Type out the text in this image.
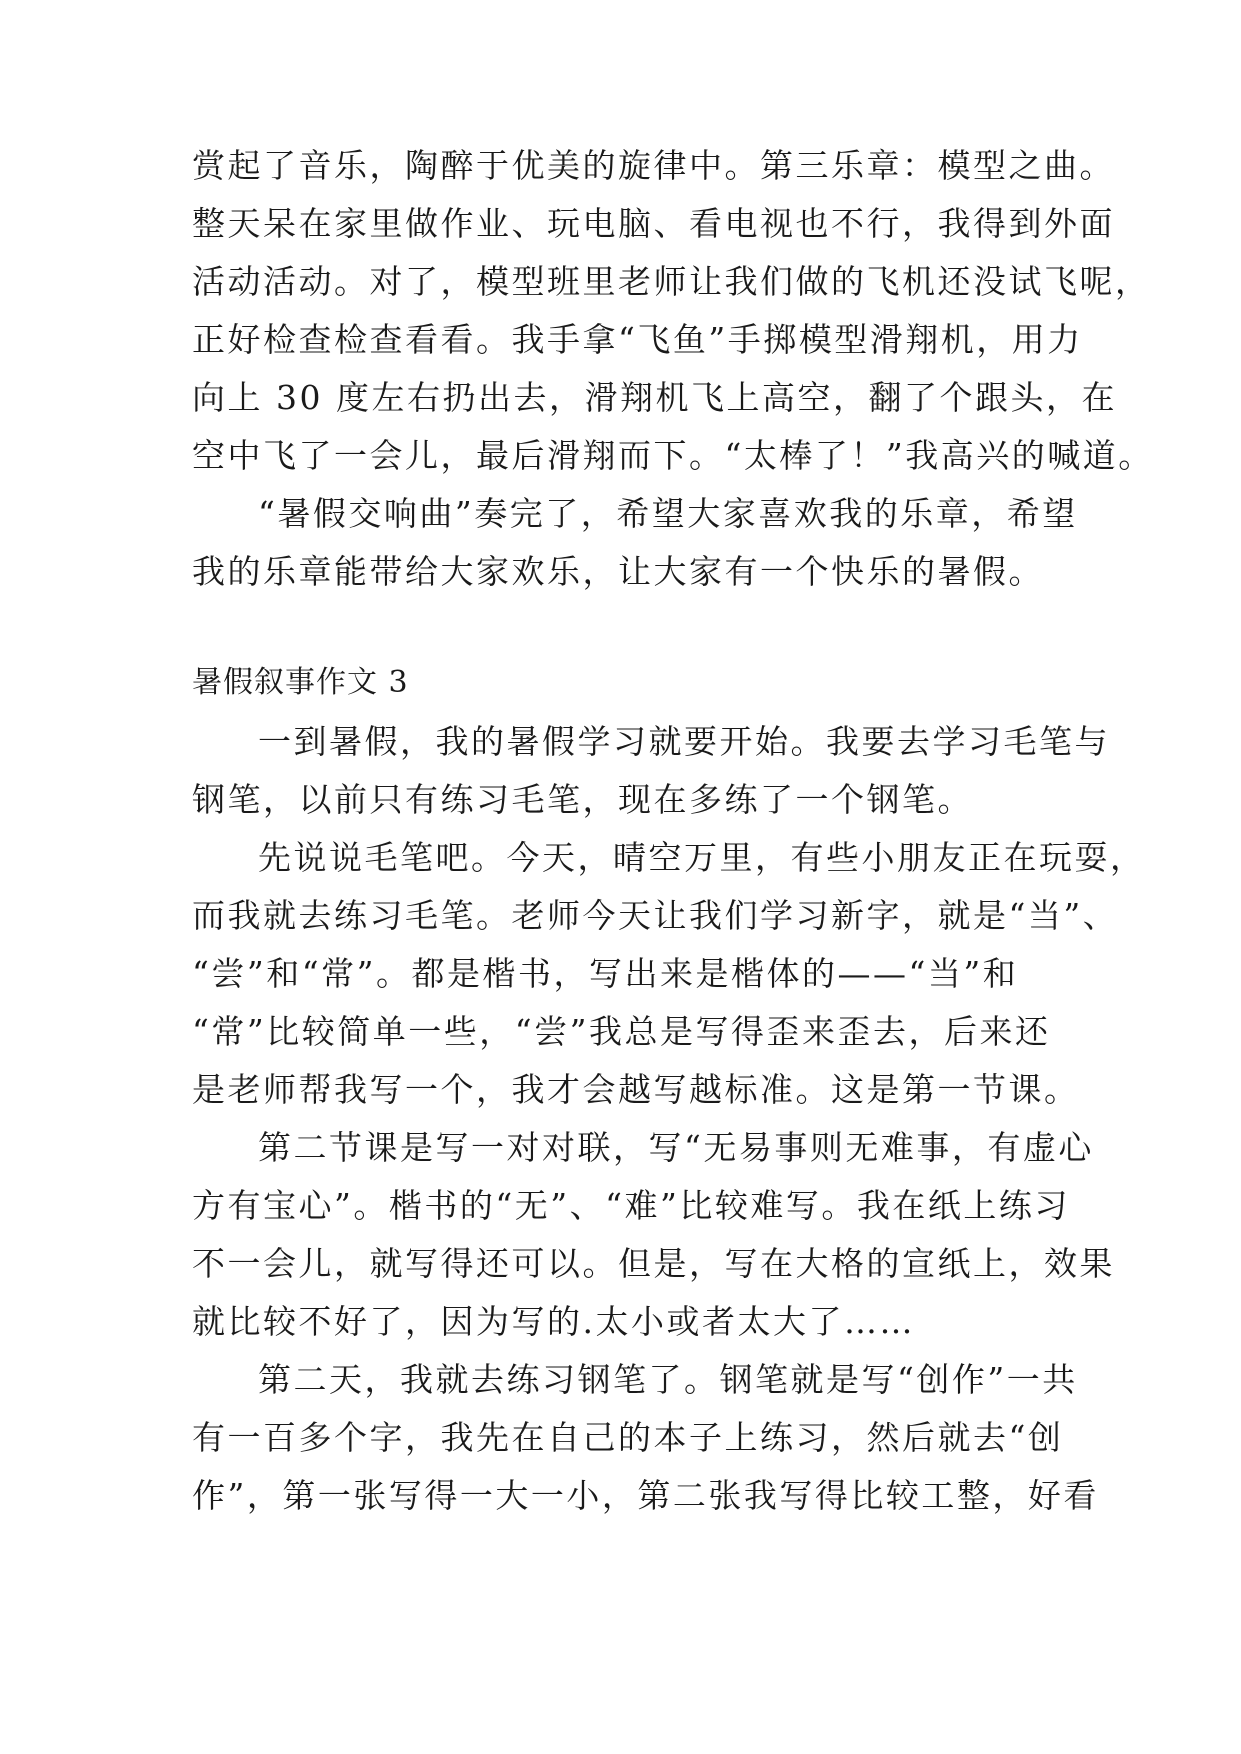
赏起了音乐，陶醉于优美的旋律中。第三乐章：模型之曲。
整天呆在家里做作业、玩电脑、看电视也不行，我得到外面
活动活动。对了，模型班里老师让我们做的飞机还没试飞呢，
正好检查检查看看。我手拿“飞鱼”手掷模型滑翔机，用力
向上 30 度左右扔出去，滑翔机飞上高空，翻了个跟头，在
空中飞了一会儿，最后滑翔而下。“太棒了！”我高兴的喊道。
“暑假交响曲”奏完了，希望大家喜欢我的乐章，希望
我的乐章能带给大家欢乐，让大家有一个快乐的暑假。
暑假叙事作文 3
一到暑假，我的暑假学习就要开始。我要去学习毛笔与
钢笔，以前只有练习毛笔，现在多练了一个钢笔。
先说说毛笔吧。今天，晴空万里，有些小朋友正在玩耍，
而我就去练习毛笔。老师今天让我们学习新字，就是“当”、
“尝”和“常”。都是楷书，写出来是楷体的——“当”和
“常”比较简单一些，“尝”我总是写得歪来歪去，后来还
是老师帮我写一个，我才会越写越标准。这是第一节课。
第二节课是写一对对联，写“无易事则无难事，有虚心
方有宝心”。楷书的“无”、“难”比较难写。我在纸上练习
不一会儿，就写得还可以。但是，写在大格的宣纸上，效果
就比较不好了，因为写的.太小或者太大了……
第二天，我就去练习钢笔了。钢笔就是写“创作”一共
有一百多个字，我先在自己的本子上练习，然后就去“创
作”，第一张写得一大一小，第二张我写得比较工整，好看
